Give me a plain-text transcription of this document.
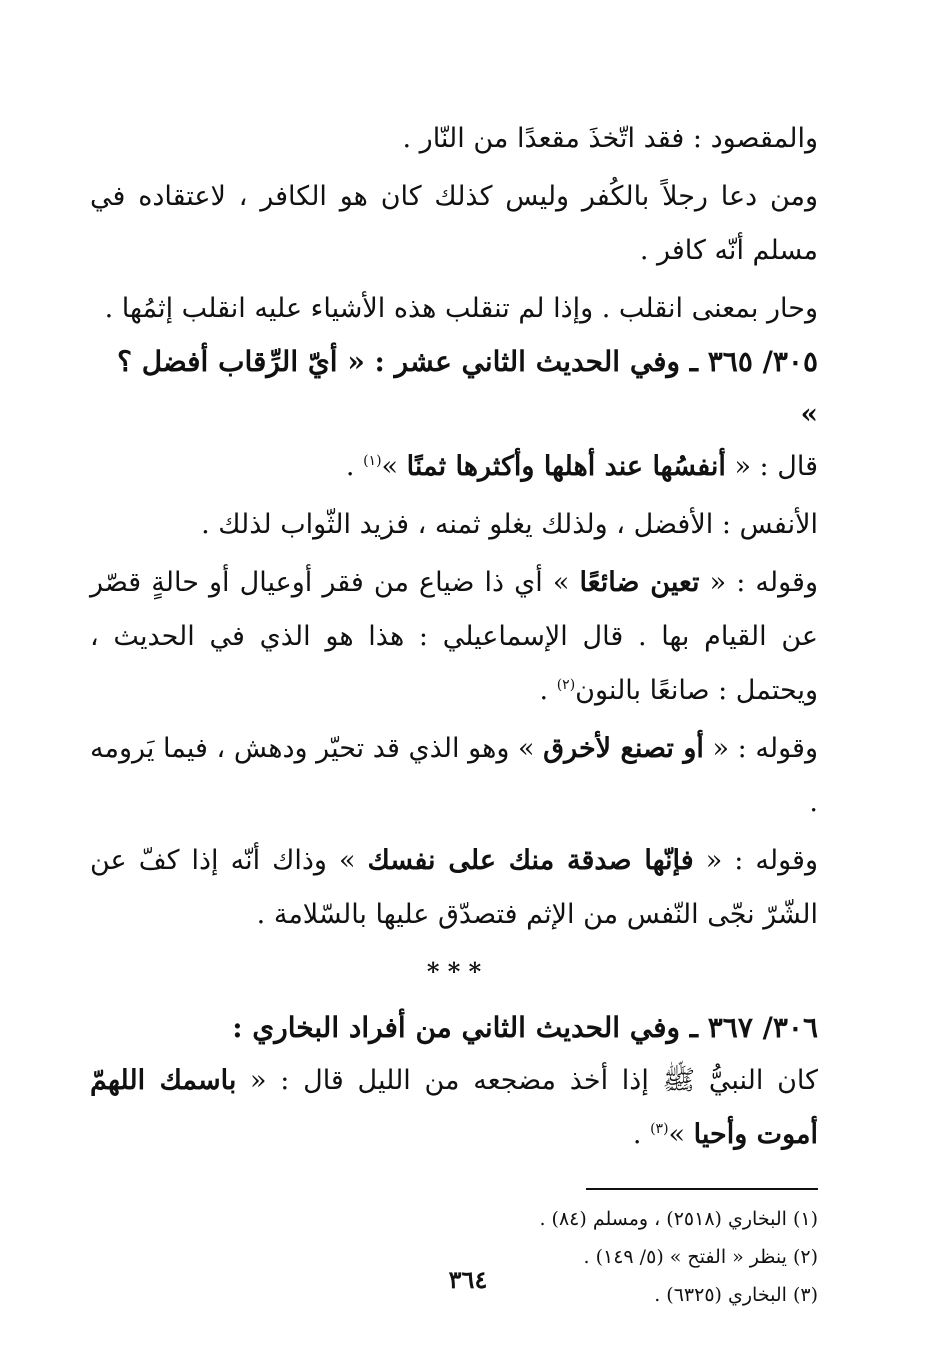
والمقصود : فقد اتّخذَ مقعدًا من النّار .

ومن دعا رجلاً بالكُفر وليس كذلك كان هو الكافر ، لاعتقاده في مسلم أنّه كافر .

وحار بمعنى انقلب . وإذا لم تنقلب هذه الأشياء عليه انقلب إثمُها .

٣٠٥/ ٣٦٥ ـ وفي الحديث الثاني عشر : « أيّ الرِّقاب أفضل ؟ »

قال : « أنفسُها عند أهلها وأكثرها ثمنًا »$^{(١)}$ .

الأنفس : الأفضل ، ولذلك يغلو ثمنه ، فزيد الثّواب لذلك .

وقوله : « تعين ضائعًا » أي ذا ضياع من فقر أوعيال أو حالةٍ قصّر عن القيام بها . قال الإسماعيلي : هذا هو الذي في الحديث ، ويحتمل : صانعًا بالنون$^{(٢)}$ .

وقوله : « أو تصنع لأخرق » وهو الذي قد تحيّر ودهش ، فيما يَرومه .

وقوله : « فإنّها صدقة منك على نفسك » وذاك أنّه إذا كفّ عن الشّرّ نجّى النّفس من الإثم فتصدّق عليها بالسّلامة .

* * *

٣٠٦/ ٣٦٧ ـ وفي الحديث الثاني من أفراد البخاري :

كان النبيُّ ﷺ إذا أخذ مضجعه من الليل قال : « باسمك اللهمّ أموت وأحيا »$^{(٣)}$ .

(١) البخاري (٢٥١٨) ، ومسلم (٨٤) .
(٢) ينظر « الفتح » (٥/ ١٤٩) .
(٣) البخاري (٦٣٢٥) .
٣٦٤
